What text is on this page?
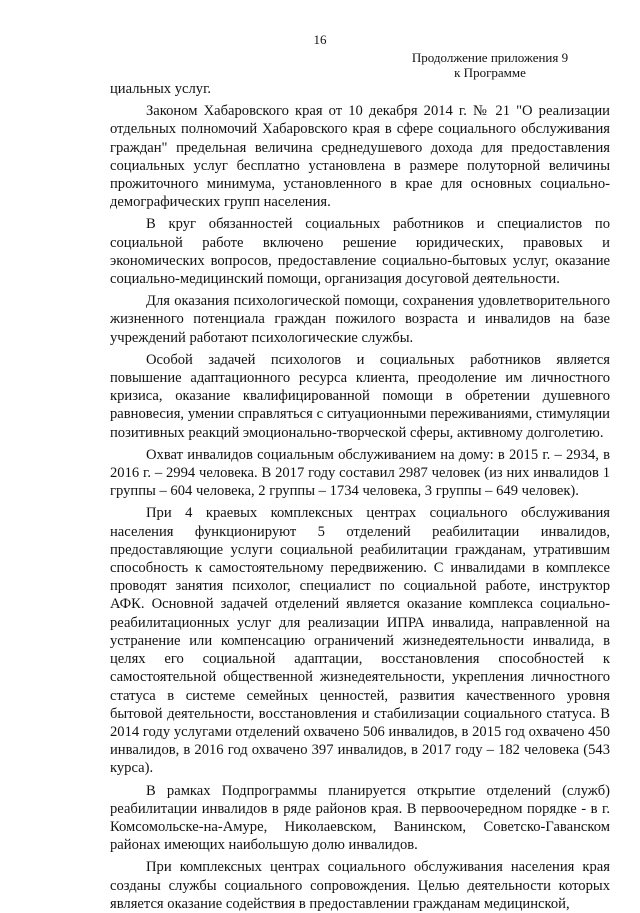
16
Продолжение приложения 9
к Программе

циальных услуг.

Законом Хабаровского края от 10 декабря 2014 г. № 21 "О реализации отдельных полномочий Хабаровского края в сфере социального обслуживания граждан" предельная величина среднедушевого дохода для предоставления социальных услуг бесплатно установлена в размере полуторной величины прожиточного минимума, установленного в крае для основных социально-демографических групп населения.

В круг обязанностей социальных работников и специалистов по социальной работе включено решение юридических, правовых и экономических вопросов, предоставление социально-бытовых услуг, оказание социально-медицинский помощи, организация досуговой деятельности.

Для оказания психологической помощи, сохранения удовлетворительного жизненного потенциала граждан пожилого возраста и инвалидов на базе учреждений работают психологические службы.

Особой задачей психологов и социальных работников является повышение адаптационного ресурса клиента, преодоление им личностного кризиса, оказание квалифицированной помощи в обретении душевного равновесия, умении справляться с ситуационными переживаниями, стимуляции позитивных реакций эмоционально-творческой сферы, активному долголетию.

Охват инвалидов социальным обслуживанием на дому: в 2015 г. – 2934, в 2016 г. – 2994 человека. В 2017 году составил 2987 человек (из них инвалидов 1 группы – 604 человека, 2 группы – 1734 человека, 3 группы – 649 человек).

При 4 краевых комплексных центрах социального обслуживания населения функционируют 5 отделений реабилитации инвалидов, предоставляющие услуги социальной реабилитации гражданам, утратившим способность к самостоятельному передвижению. С инвалидами в комплексе проводят занятия психолог, специалист по социальной работе, инструктор АФК. Основной задачей отделений является оказание комплекса социально-реабилитационных услуг для реализации ИПРА инвалида, направленной на устранение или компенсацию ограничений жизнедеятельности инвалида, в целях его социальной адаптации, восстановления способностей к самостоятельной общественной жизнедеятельности, укрепления личностного статуса в системе семейных ценностей, развития качественного уровня бытовой деятельности, восстановления и стабилизации социального статуса. В 2014 году услугами отделений охвачено 506 инвалидов, в 2015 год охвачено 450 инвалидов, в 2016 год охвачено 397 инвалидов, в 2017 году – 182 человека (543 курса).

В рамках Подпрограммы планируется открытие отделений (служб) реабилитации инвалидов в ряде районов края. В первоочередном порядке - в г. Комсомольске-на-Амуре, Николаевском, Ванинском, Советско-Гаванском районах имеющих наибольшую долю инвалидов.

При комплексных центрах социального обслуживания населения края созданы службы социального сопровождения. Целью деятельности которых является оказание содействия в предоставлении гражданам медицинской,
